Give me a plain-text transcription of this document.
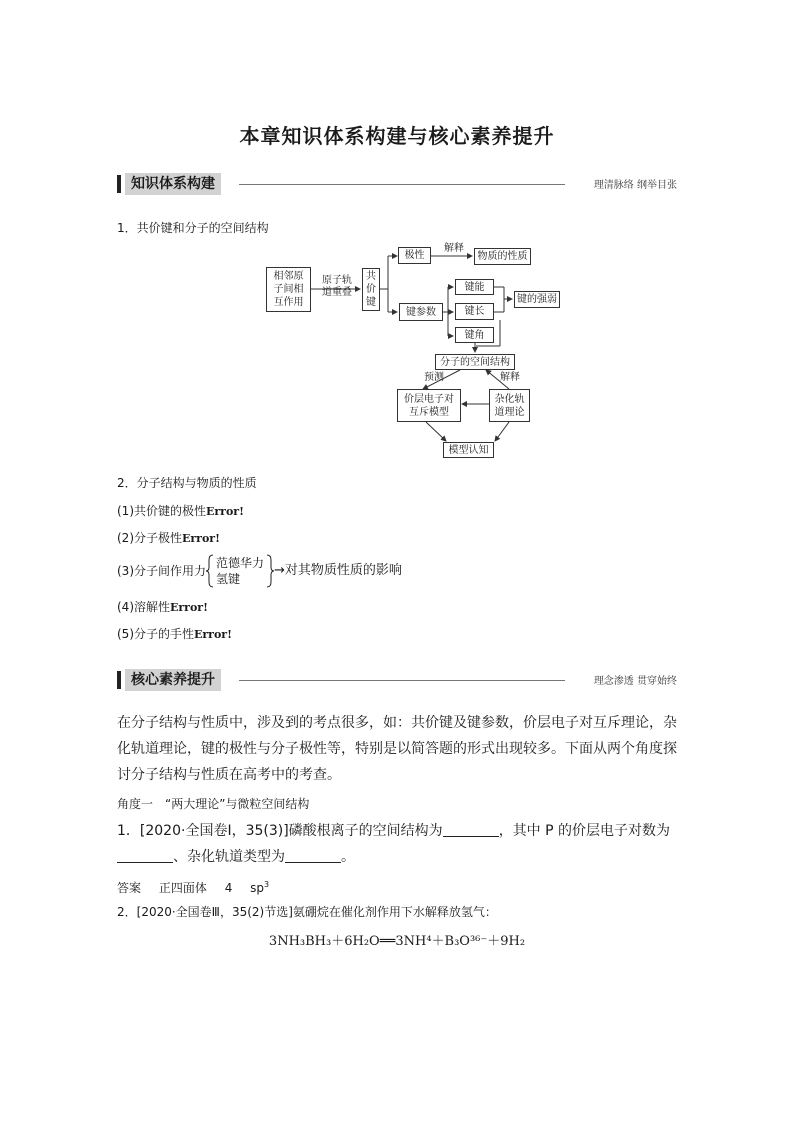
本章知识体系构建与核心素养提升
知识体系构建	理清脉络 纲举目张
1．共价键和分子的空间结构
相邻原
子间相
互作用
原子轨
道重叠
共
价
键
极性
解释
物质的性质
键参数
键能
键长
键角
键的强弱
分子的空间结构
预测	解释
价层电子对
互斥模型
杂化轨
道理论
模型认知
2．分子结构与物质的性质
(1)共价键的极性Error!
(2)分子极性Error!
(3)分子间作用力
范德华力
氢键
→对其物质性质的影响
(4)溶解性Error!
(5)分子的手性Error!
核心素养提升	理念渗透 贯穿始终
在分子结构与性质中，涉及到的考点很多，如：共价键及键参数，价层电子对互斥理论，杂化轨道理论，键的极性与分子极性等，特别是以简答题的形式出现较多。下面从两个角度探讨分子结构与性质在高考中的考查。
角度一　“两大理论”与微粒空间结构
1．[2020·全国卷Ⅰ，35(3)]磷酸根离子的空间结构为	，其中 P 的价层电子对数为
、杂化轨道类型为	。
答案 正四面体 4 $sp^3$
2．[2020·全国卷Ⅲ，35(2)节选]氨硼烷在催化剂作用下水解释放氢气：
3NH₃BH₃＋6H₂O══3NH⁴＋B₃O³⁶⁻＋9H₂
